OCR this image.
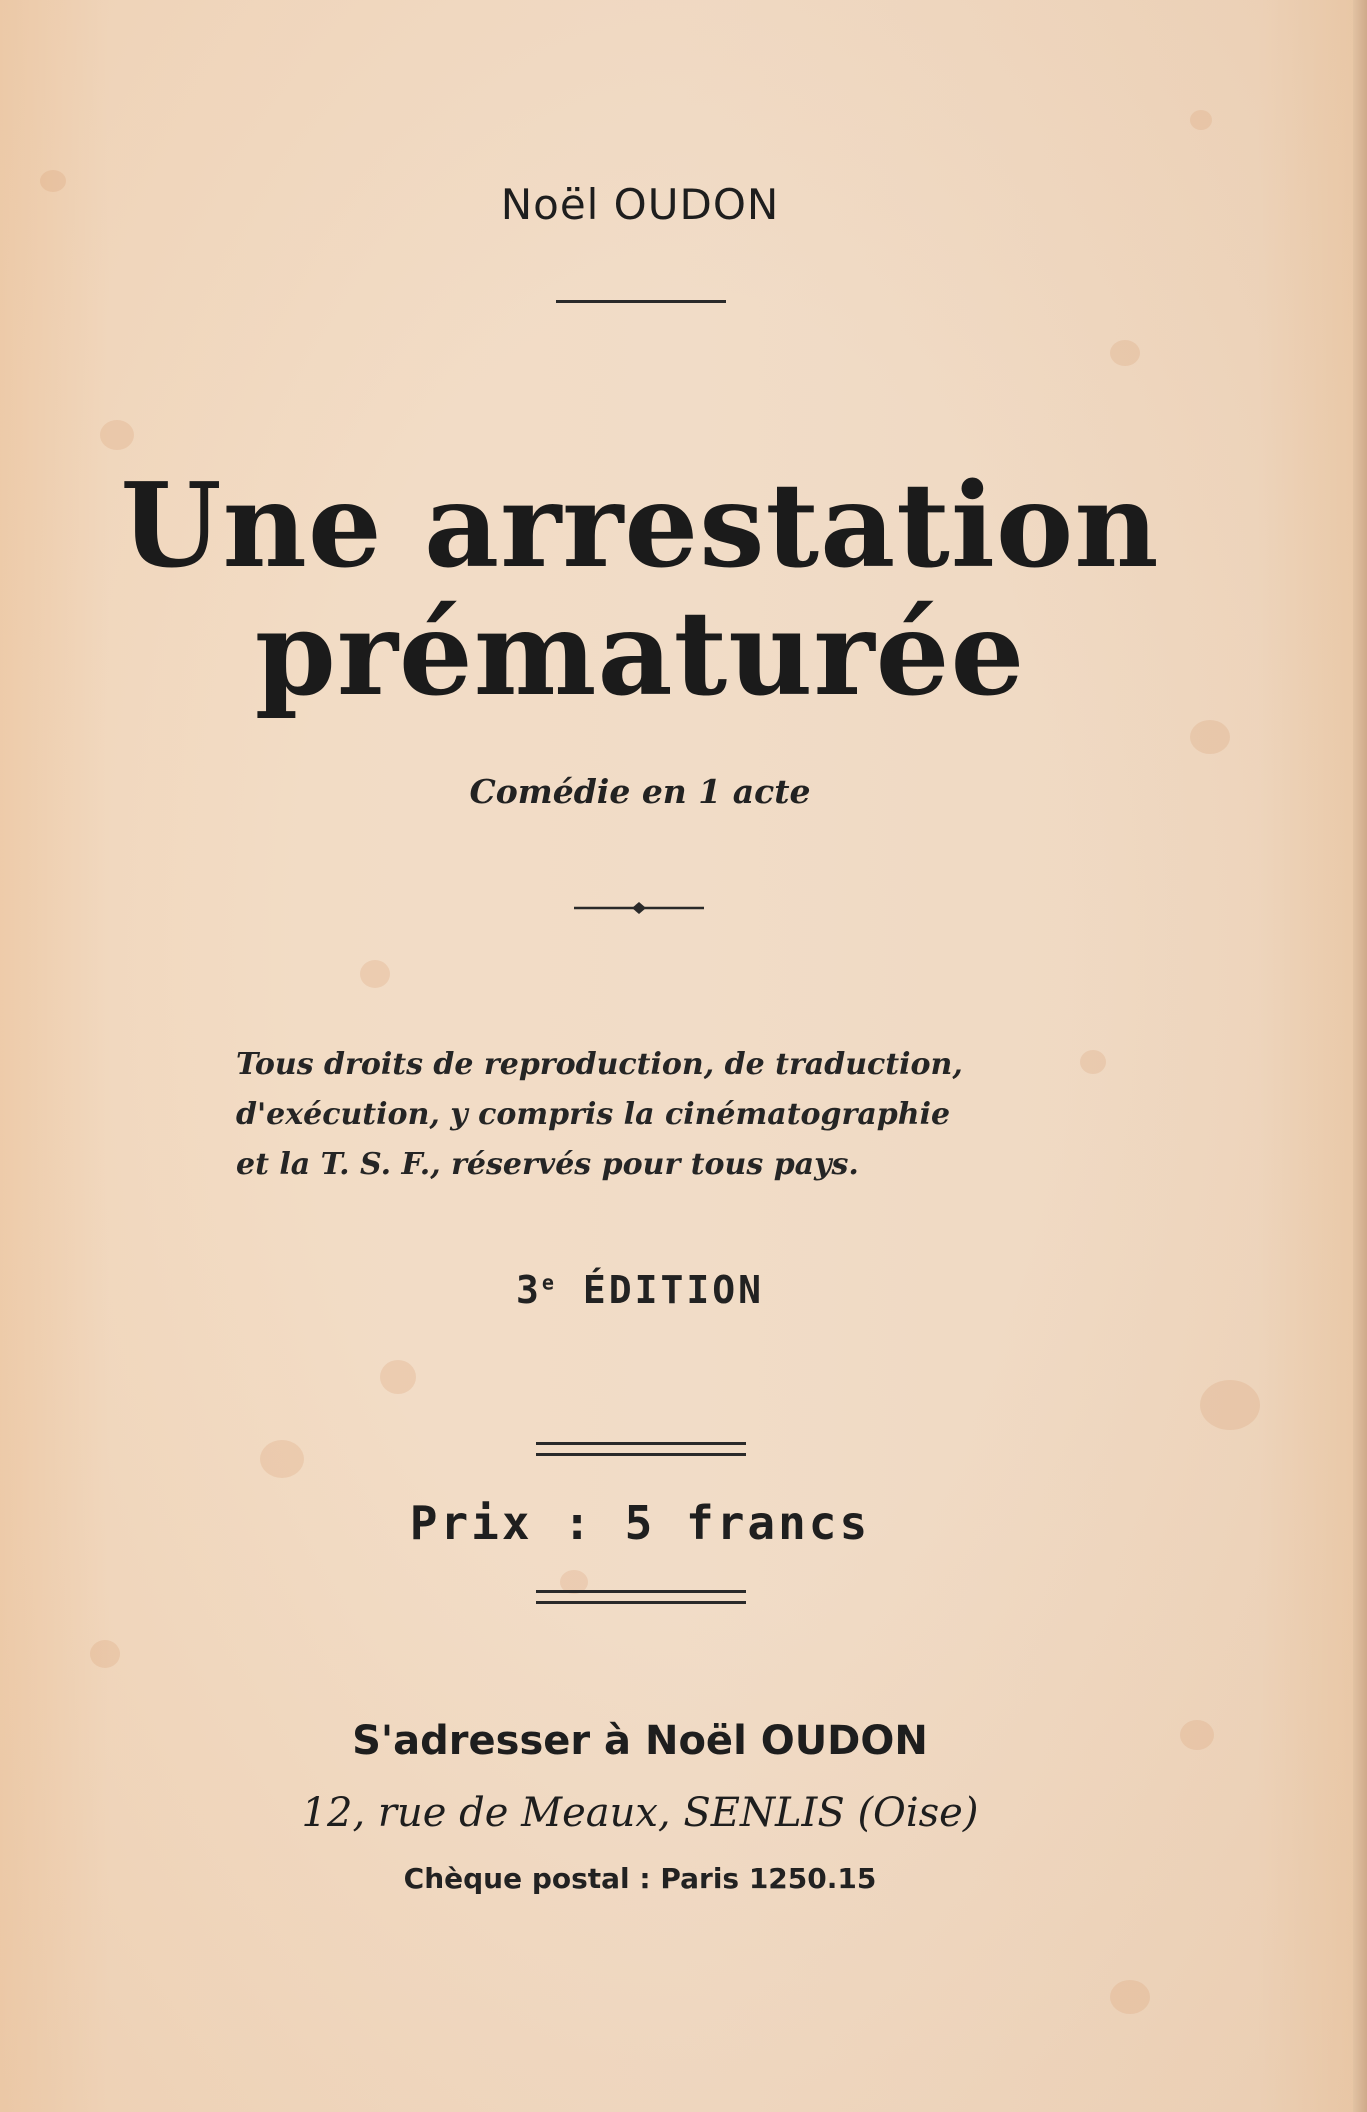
Noël OUDON
Une arrestation
prématurée
Comédie en 1 acte
Tous droits de reproduction, de traduction,
d'exécution, y compris la cinématographie
et la T. S. F., réservés pour tous pays.
3e ÉDITION
Prix : 5 francs
S'adresser à Noël OUDON
12, rue de Meaux, SENLIS (Oise)
Chèque postal : Paris 1250.15
